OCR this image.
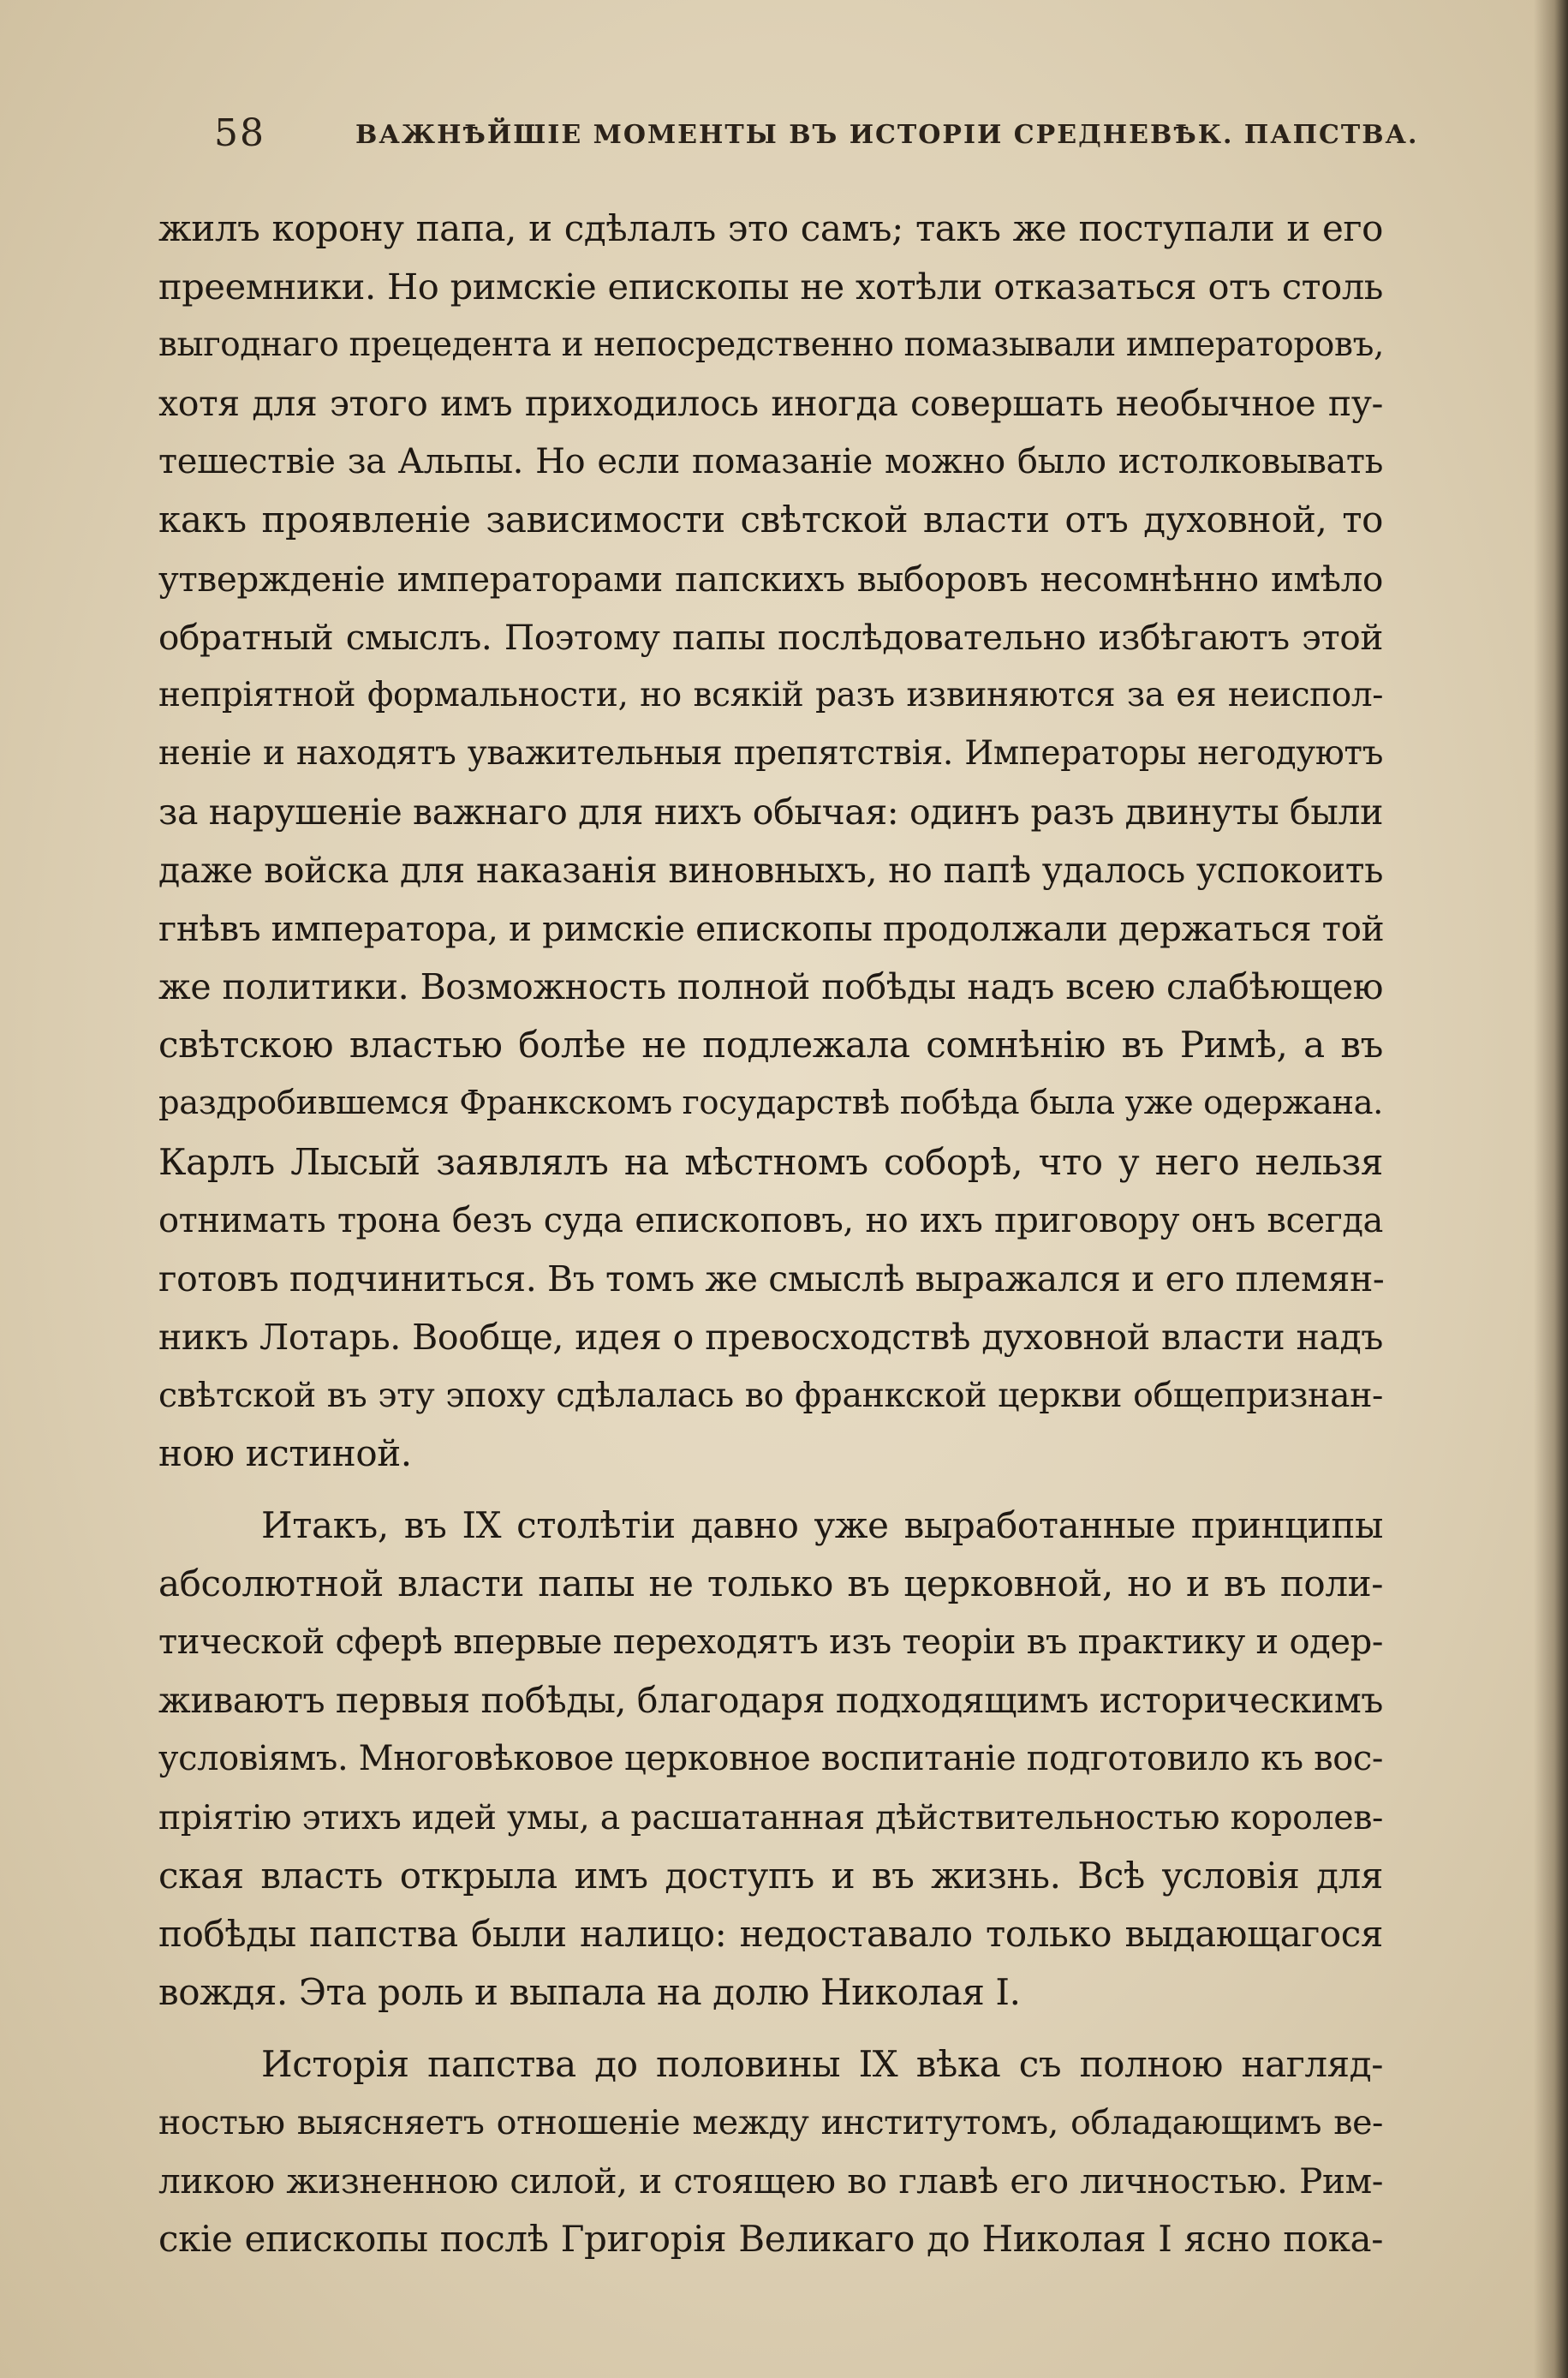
58	ВАЖНѢЙШІЕ МОМЕНТЫ ВЪ ИСТОРІИ СРЕДНЕВѢК. ПАПСТВА.
жилъ корону папа, и сдѣлалъ это самъ; такъ же поступали и его
преемники. Но римскіе епископы не хотѣли отказаться отъ столь
выгоднаго прецедента и непосредственно помазывали императоровъ,
хотя для этого имъ приходилось иногда совершать необычное пу-
тешествіе за Альпы. Но если помазаніе можно было истолковывать
какъ проявленіе зависимости свѣтской власти отъ духовной, то
утвержденіе императорами папскихъ выборовъ несомнѣнно имѣло
обратный смыслъ. Поэтому папы послѣдовательно избѣгаютъ этой
непріятной формальности, но всякій разъ извиняются за ея неиспол-
неніе и находятъ уважительныя препятствія. Императоры негодуютъ
за нарушеніе важнаго для нихъ обычая: одинъ разъ двинуты были
даже войска для наказанія виновныхъ, но папѣ удалось успокоить
гнѣвъ императора, и римскіе епископы продолжали держаться той
же политики. Возможность полной побѣды надъ всею слабѣющею
свѣтскою властью болѣе не подлежала сомнѣнію въ Римѣ, а въ
раздробившемся Франкскомъ государствѣ побѣда была уже одержана.
Карлъ Лысый заявлялъ на мѣстномъ соборѣ, что у него нельзя
отнимать трона безъ суда епископовъ, но ихъ приговору онъ всегда
готовъ подчиниться. Въ томъ же смыслѣ выражался и его племян-
никъ Лотарь. Вообще, идея о превосходствѣ духовной власти надъ
свѣтской въ эту эпоху сдѣлалась во франкской церкви общепризнан-
ною истиной.
Итакъ, въ IX столѣтіи давно уже выработанные принципы
абсолютной власти папы не только въ церковной, но и въ поли-
тической сферѣ впервые переходятъ изъ теоріи въ практику и одер-
живаютъ первыя побѣды, благодаря подходящимъ историческимъ
условіямъ. Многовѣковое церковное воспитаніе подготовило къ вос-
пріятію этихъ идей умы, а расшатанная дѣйствительностью королев-
ская власть открыла имъ доступъ и въ жизнь. Всѣ условія для
побѣды папства были налицо: недоставало только выдающагося
вождя. Эта роль и выпала на долю Николая I.
Исторія папства до половины IX вѣка съ полною нагляд-
ностью выясняетъ отношеніе между институтомъ, обладающимъ ве-
ликою жизненною силой, и стоящею во главѣ его личностью. Рим-
скіе епископы послѣ Григорія Великаго до Николая I ясно пока-
